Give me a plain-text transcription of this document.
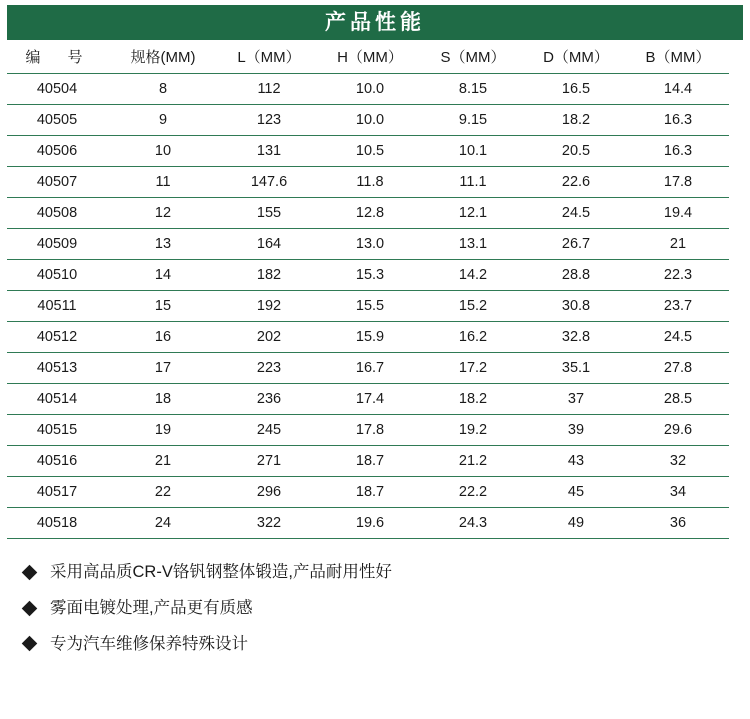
产品性能
编　号	规格(MM)	L（MM）	H（MM）	S（MM）	D（MM）	B（MM）
40504	8	112	10.0	8.15	16.5	14.4
40505	9	123	10.0	9.15	18.2	16.3
40506	10	131	10.5	10.1	20.5	16.3
40507	11	147.6	11.8	11.1	22.6	17.8
40508	12	155	12.8	12.1	24.5	19.4
40509	13	164	13.0	13.1	26.7	21
40510	14	182	15.3	14.2	28.8	22.3
40511	15	192	15.5	15.2	30.8	23.7
40512	16	202	15.9	16.2	32.8	24.5
40513	17	223	16.7	17.2	35.1	27.8
40514	18	236	17.4	18.2	37	28.5
40515	19	245	17.8	19.2	39	29.6
40516	21	271	18.7	21.2	43	32
40517	22	296	18.7	22.2	45	34
40518	24	322	19.6	24.3	49	36
采用高品质CR-V铬钒钢整体锻造,产品耐用性好
雾面电镀处理,产品更有质感
专为汽车维修保养特殊设计
